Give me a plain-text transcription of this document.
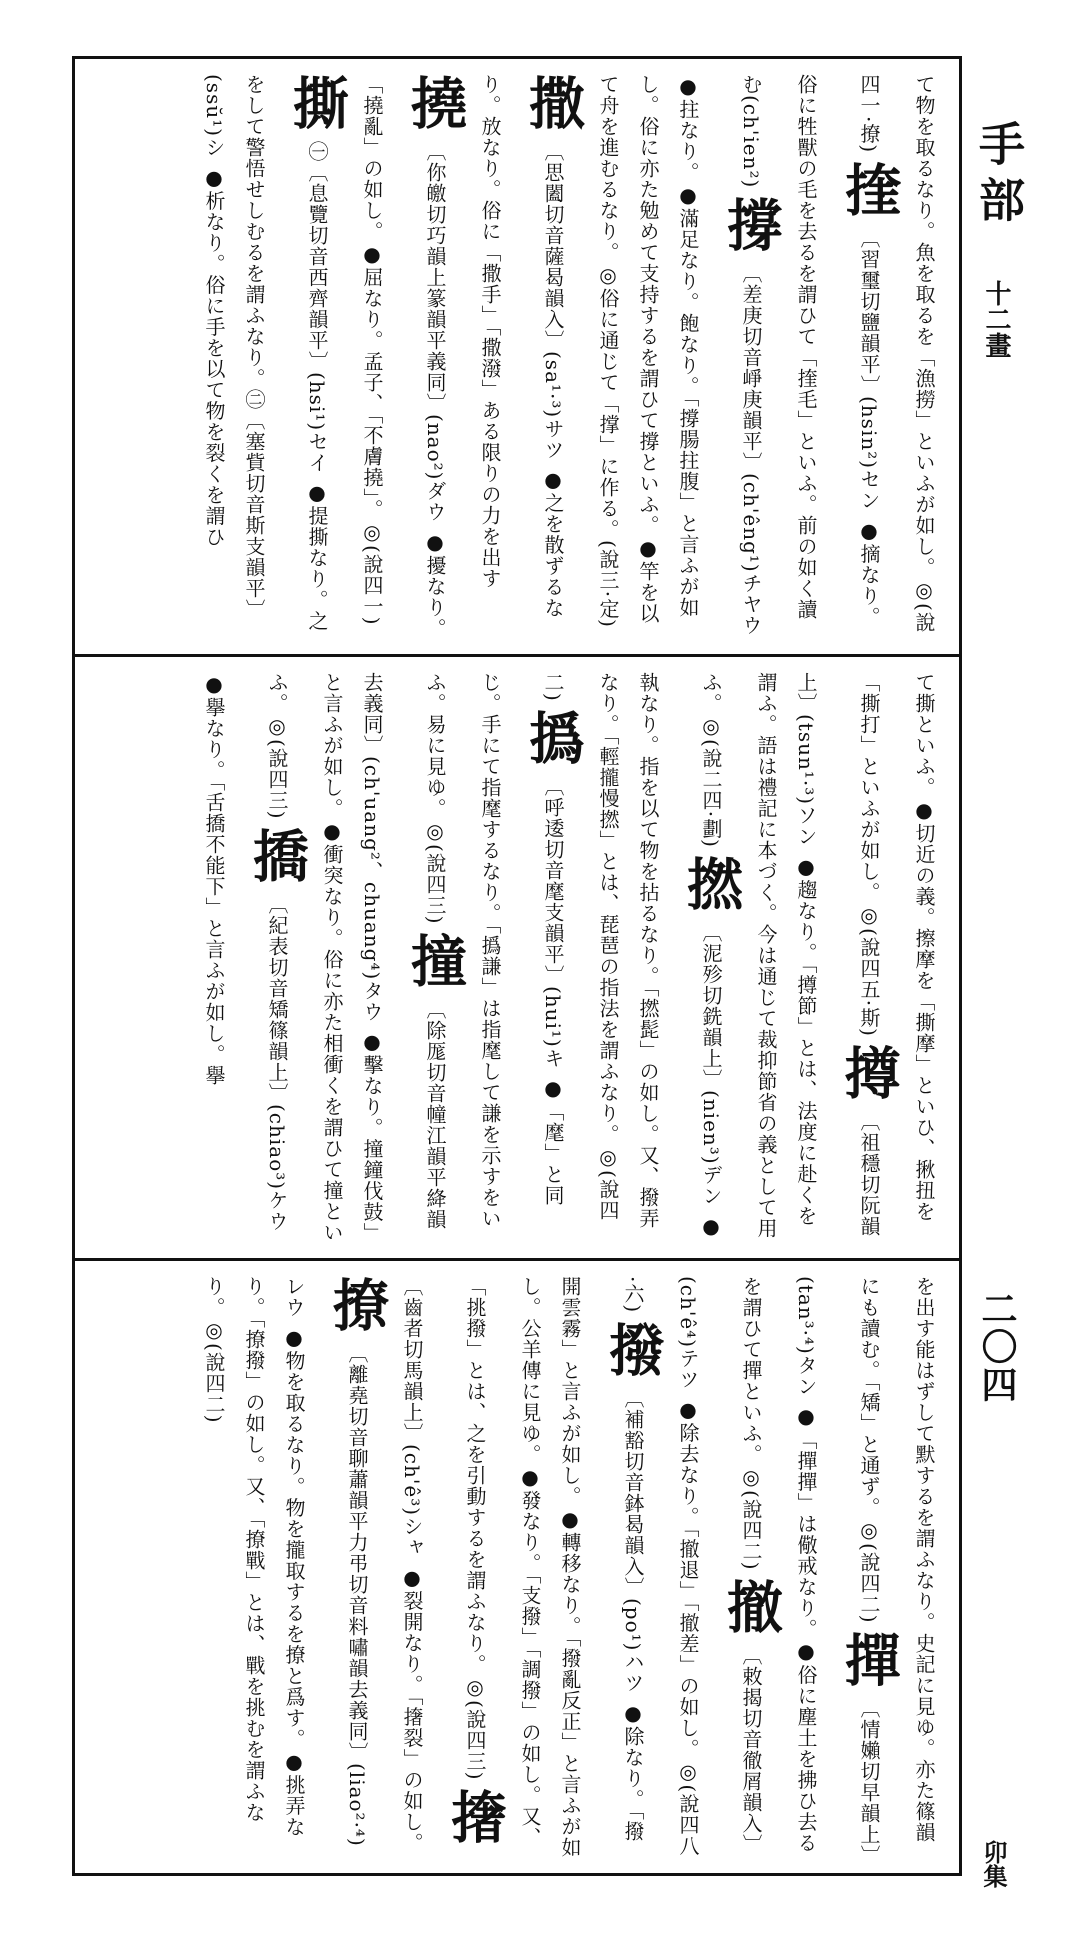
手部
十二畫
二〇四
卯集
て物を取るなり。魚を取るを「漁撈」といふが如し。◎(說四一·撩) 㨒〔習璽切鹽韻平〕(hsin²)セン ●摘なり。俗に牲獸の毛を去るを謂ひて「㨒毛」といふ。前の如く讀む(ch'ien²) 撐〔差庚切音崢庚韻平〕(ch'êng¹)チヤウ ●拄なり。●滿足なり。飽なり。「撐腸拄腹」と言ふが如し。俗に亦た勉めて支持するを謂ひて撐といふ。●竿を以て舟を進むるなり。◎俗に通じて「撑」に作る。(說三·定) 撒〔思闔切音薩曷韻入〕(sa¹·³)サツ ●之を散ずるなり。放なり。俗に「撒手」「撒潑」ある限りの力を出す 撓〔你皦切巧韻上篆韻平義同〕(nao²)ダウ ●擾なり。「撓亂」の如し。●屈なり。孟子、「不膚撓」。◎(說四一) 撕㊀〔息覽切音西齊韻平〕(hsi¹)セイ ●提撕なり。之をして警悟せしむるを謂ふなり。㊁〔塞貲切音斯支韻平〕(ssŭ¹)シ ●析なり。俗に手を以て物を裂くを謂ひ
て撕といふ。●切近の義。擦摩を「撕摩」といひ、揪扭を「撕打」といふが如し。◎(說四五·斯) 撙〔祖穩切阮韻上〕(tsun¹·³)ソン ●趨なり。「撙節」とは、法度に赴くを謂ふ。語は禮記に本づく。今は通じて裁抑節省の義として用ふ。◎(說二四·劃) 撚〔泥殄切銑韻上〕(nien³)デン ●執なり。指を以て物を拈るなり。「撚髭」の如し。又、撥弄なり。「輕攏慢撚」とは、琵琶の指法を謂ふなり。◎(說四二) 撝〔呼逶切音麾支韻平〕(hui¹)キ ●「麾」と同じ。手にて指麾するなり。「撝謙」は指麾して謙を示すをいふ。易に見ゆ。◎(說四三) 撞〔除厖切音幢江韻平絳韻去義同〕(ch'uang²、chuang⁴)タウ ●擊なり。撞鐘伐鼓」と言ふが如し。●衝突なり。俗に亦た相衝くを謂ひて撞といふ。◎(說四三) 撟〔紀表切音矯篠韻上〕(chiao³)ケウ ●擧なり。「舌撟不能下」と言ふが如し。擧
を出す能はずして默するを謂ふなり。史記に見ゆ。亦た篠韻にも讀む。「矯」と通ず。◎(說四二) 撣〔情嬾切早韻上〕(tan³·⁴)タン ●「撣撣」は儆戒なり。●俗に塵土を拂ひ去るを謂ひて撣といふ。◎(說四二) 撤〔敕揭切音徹屑韻入〕(ch'ê⁴)テツ ●除去なり。「撤退」「撤差」の如し。◎(說四八·六) 撥〔補豁切音鉢曷韻入〕(po¹)ハツ ●除なり。「撥開雲霧」と言ふが如し。●轉移なり。「撥亂反正」と言ふが如し。公羊傳に見ゆ。●發なり。「支撥」「調撥」の如し。又、「挑撥」とは、之を引動するを謂ふなり。◎(說四三) 撦〔齒者切馬韻上〕(ch'ê³)シャ ●裂開なり。「撦裂」の如し。 撩〔離堯切音聊蕭韻平力弔切音料嘯韻去義同〕(liao²·⁴)レウ ●物を取るなり。物を攏取するを撩と爲す。●挑弄なり。「撩撥」の如し。又、「撩戰」とは、戰を挑むを謂ふなり。◎(說四二)
